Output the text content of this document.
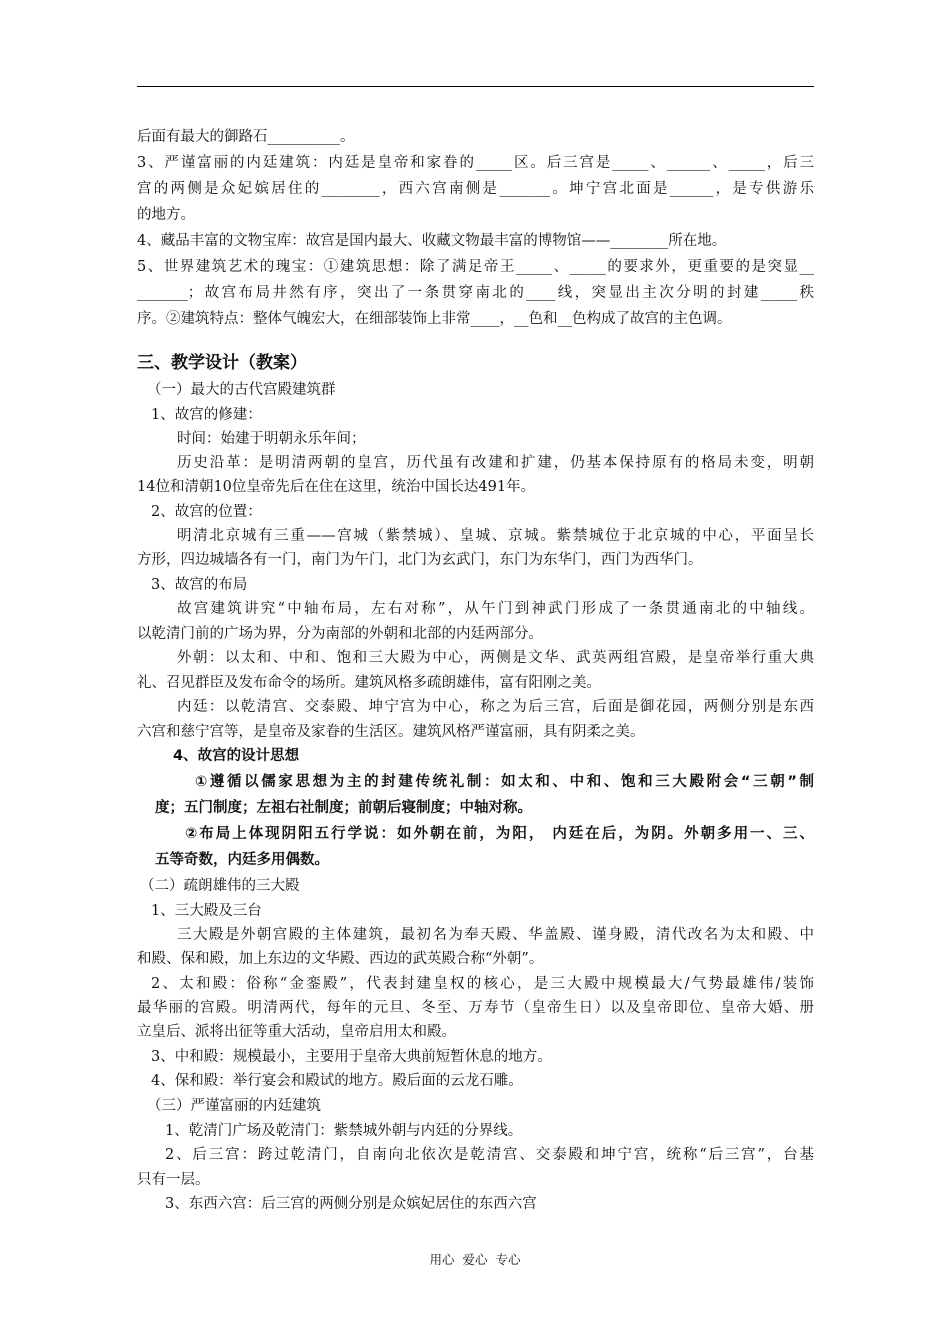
后面有最大的御路石__________。
3、严谨富丽的内廷建筑：内廷是皇帝和家眷的_____区。后三宫是_____、______、_____，后三
宫的两侧是众妃嫔居住的________，西六宫南侧是_______。坤宁宫北面是______，是专供游乐
的地方。
4、藏品丰富的文物宝库：故宫是国内最大、收藏文物最丰富的博物馆——________所在地。
5、世界建筑艺术的瑰宝：①建筑思想：除了满足帝王_____、_____的要求外，更重要的是突显__
_______；故宫布局井然有序，突出了一条贯穿南北的____线，突显出主次分明的封建_____秩
序。②建筑特点：整体气魄宏大，在细部装饰上非常____，__色和__色构成了故宫的主色调。
三、教学设计（教案）
（一）最大的古代宫殿建筑群
1、故宫的修建：
时间：始建于明朝永乐年间；
历史沿革：是明清两朝的皇宫，历代虽有改建和扩建，仍基本保持原有的格局未变，明朝
14位和清朝10位皇帝先后在住在这里，统治中国长达491年。
2、故宫的位置：
明清北京城有三重——宫城（紫禁城）、皇城、京城。紫禁城位于北京城的中心，平面呈长
方形，四边城墙各有一门，南门为午门，北门为玄武门，东门为东华门，西门为西华门。
3、故宫的布局
故宫建筑讲究“中轴布局，左右对称”，从午门到神武门形成了一条贯通南北的中轴线。
以乾清门前的广场为界，分为南部的外朝和北部的内廷两部分。
外朝：以太和、中和、饱和三大殿为中心，两侧是文华、武英两组宫殿，是皇帝举行重大典
礼、召见群臣及发布命令的场所。建筑风格多疏朗雄伟，富有阳刚之美。
内廷：以乾清宫、交泰殿、坤宁宫为中心，称之为后三宫，后面是御花园，两侧分别是东西
六宫和慈宁宫等，是皇帝及家眷的生活区。建筑风格严谨富丽，具有阴柔之美。
4、故宫的设计思想
①遵循以儒家思想为主的封建传统礼制：如太和、中和、饱和三大殿附会“三朝”制
度；五门制度；左祖右社制度；前朝后寝制度；中轴对称。
②布局上体现阴阳五行学说：如外朝在前，为阳， 内廷在后，为阴。外朝多用一、三、
五等奇数，内廷多用偶数。
（二）疏朗雄伟的三大殿
1、三大殿及三台
三大殿是外朝宫殿的主体建筑，最初名为奉天殿、华盖殿、谨身殿，清代改名为太和殿、中
和殿、保和殿，加上东边的文华殿、西边的武英殿合称“外朝”。
2、太和殿：俗称“金銮殿”，代表封建皇权的核心，是三大殿中规模最大/气势最雄伟/装饰
最华丽的宫殿。明清两代，每年的元旦、冬至、万寿节（皇帝生日）以及皇帝即位、皇帝大婚、册
立皇后、派将出征等重大活动，皇帝启用太和殿。
3、中和殿：规模最小，主要用于皇帝大典前短暂休息的地方。
4、保和殿：举行宴会和殿试的地方。殿后面的云龙石雕。
（三）严谨富丽的内廷建筑
1、乾清门广场及乾清门：紫禁城外朝与内廷的分界线。
2、后三宫：跨过乾清门，自南向北依次是乾清宫、交泰殿和坤宁宫，统称“后三宫”，台基
只有一层。
3、东西六宫：后三宫的两侧分别是众嫔妃居住的东西六宫
用心  爱心  专心
